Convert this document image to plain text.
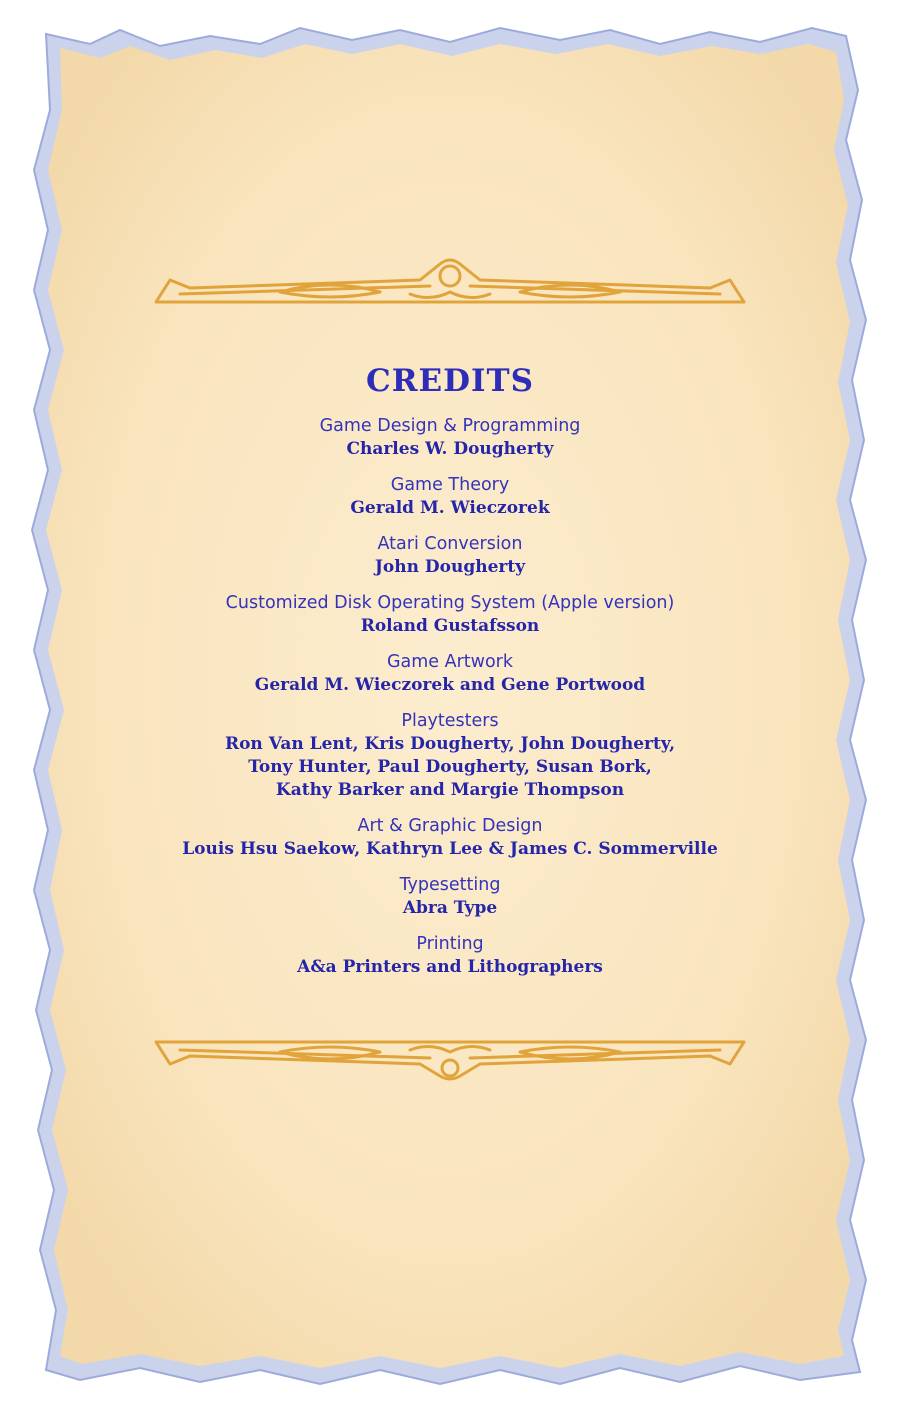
CREDITS
Game Design & Programming
Charles W. Dougherty
Game Theory
Gerald M. Wieczorek
Atari Conversion
John Dougherty
Customized Disk Operating System (Apple version)
Roland Gustafsson
Game Artwork
Gerald M. Wieczorek and Gene Portwood
Playtesters
Ron Van Lent, Kris Dougherty, John Dougherty,
Tony Hunter, Paul Dougherty, Susan Bork,
Kathy Barker and Margie Thompson
Art & Graphic Design
Louis Hsu Saekow, Kathryn Lee & James C. Sommerville
Typesetting
Abra Type
Printing
A&a Printers and Lithographers
